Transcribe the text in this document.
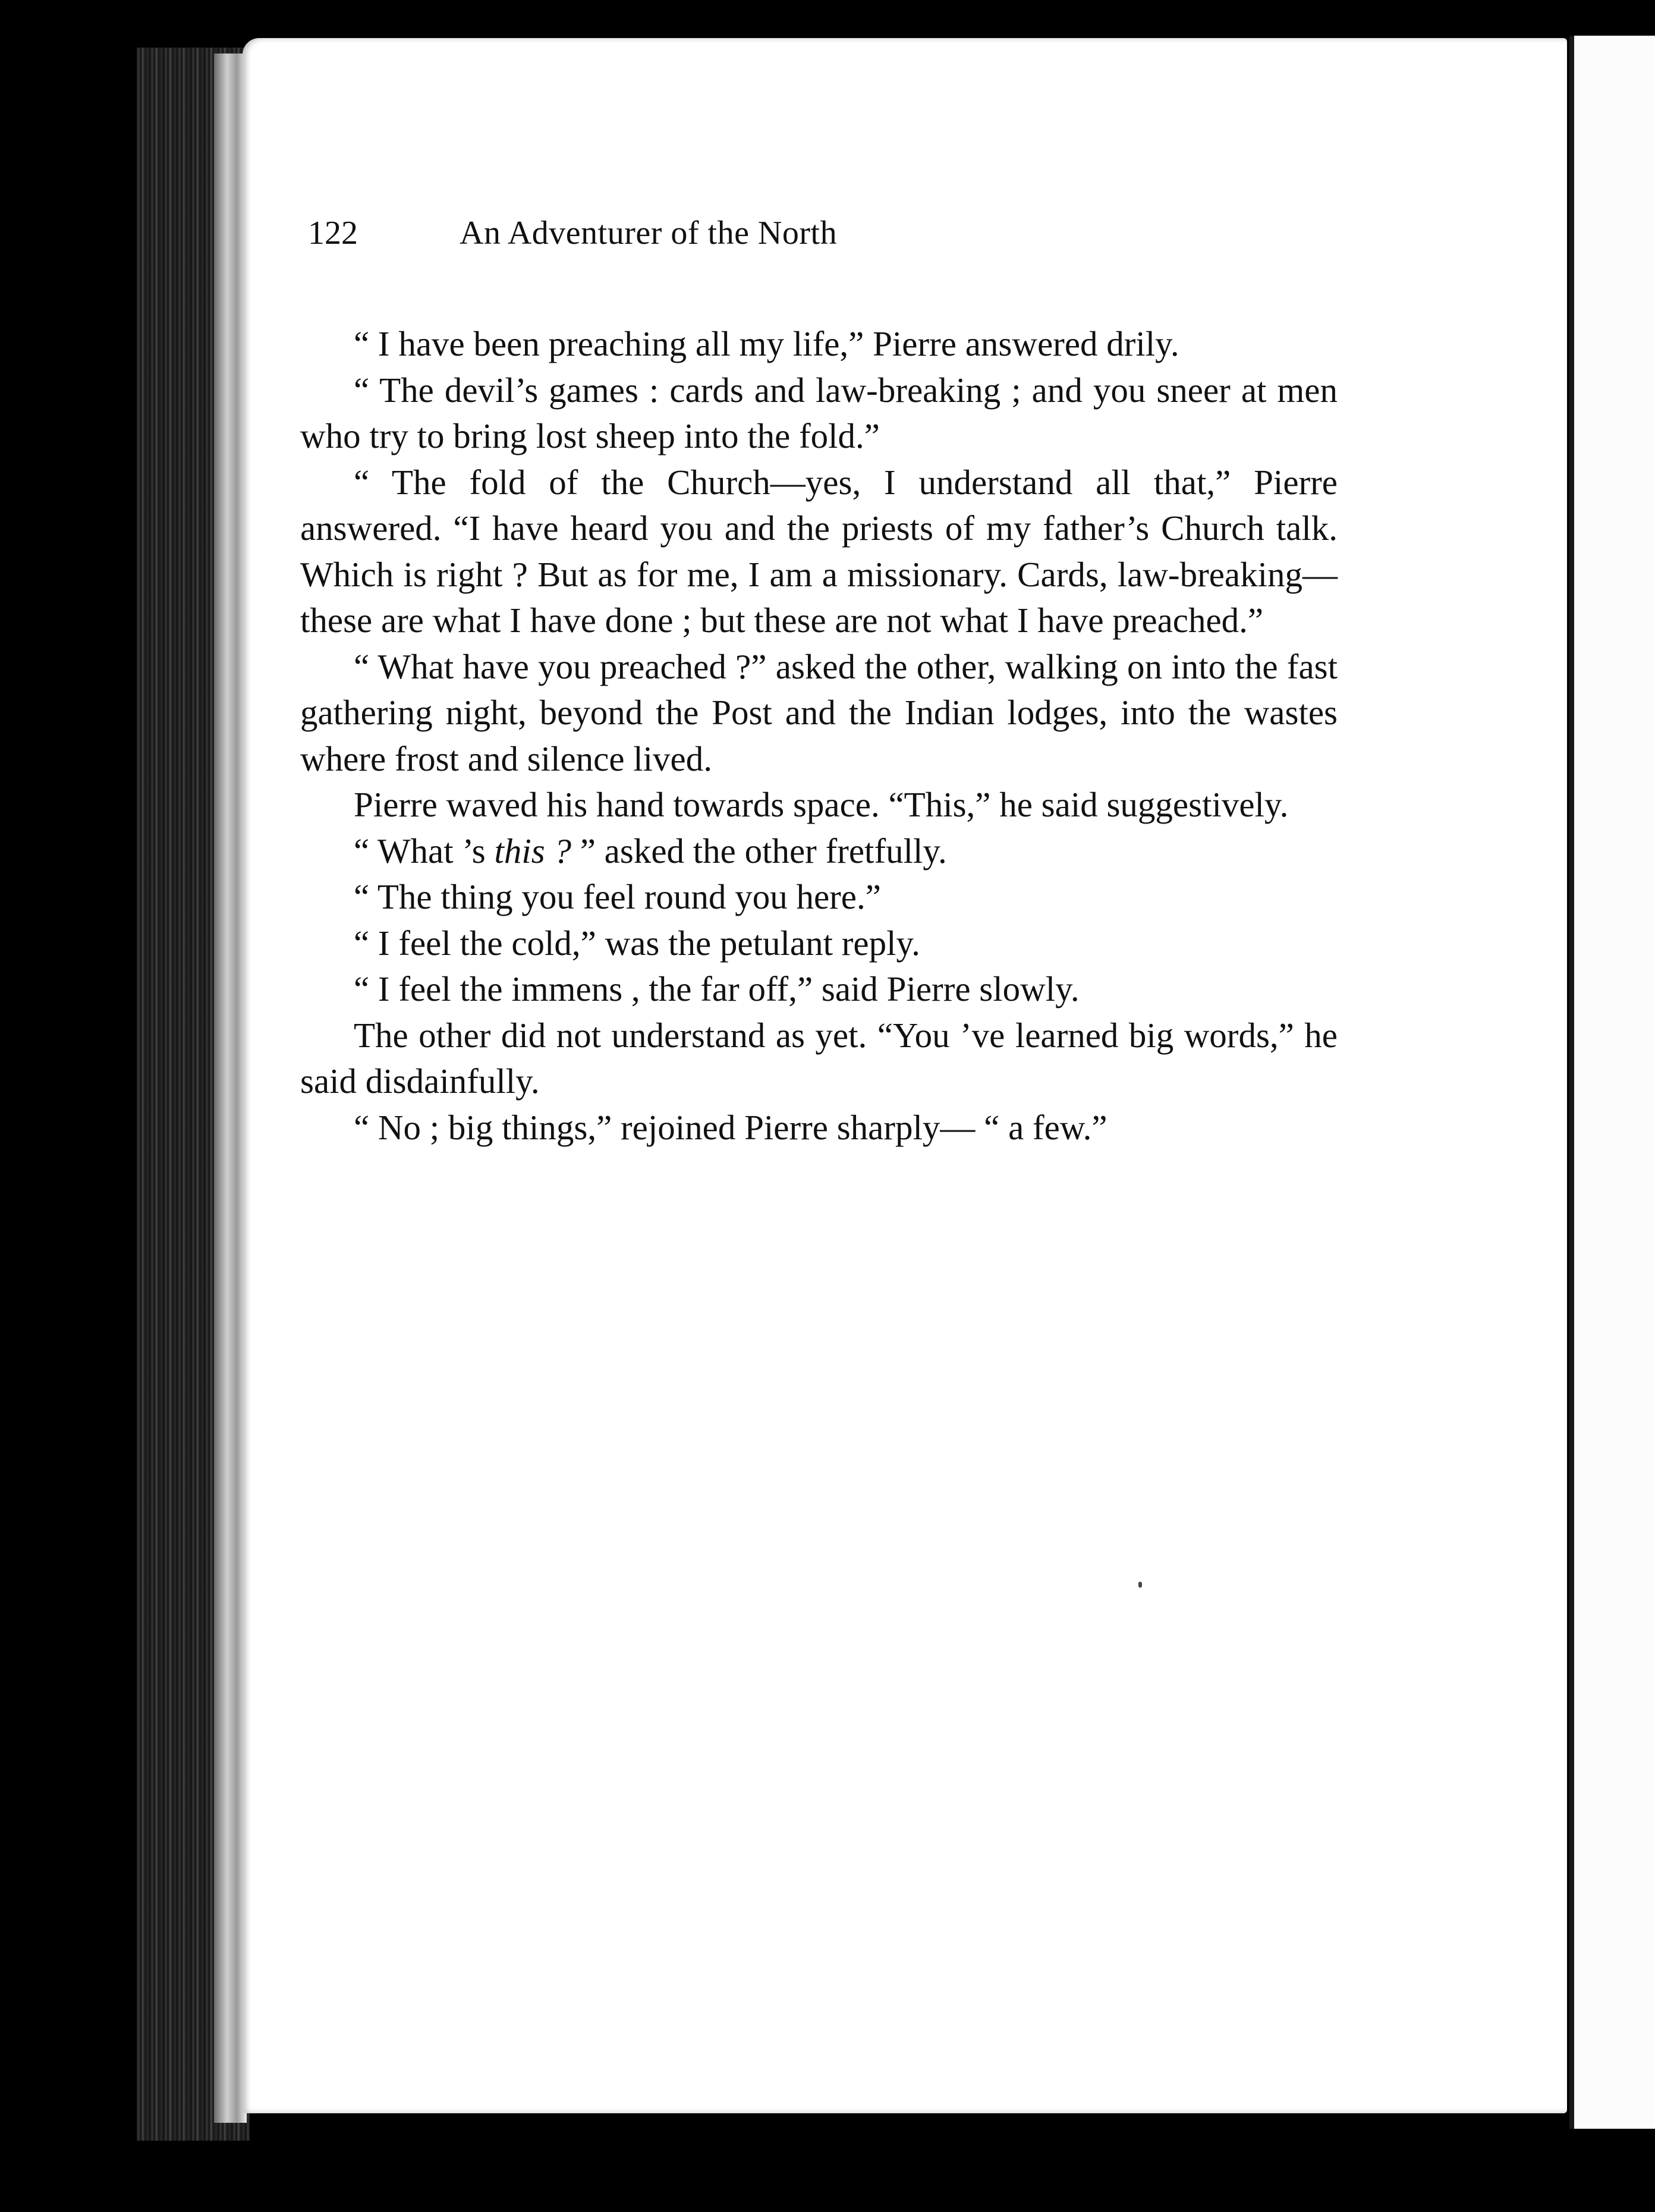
122	An Adventurer of the North

“ I have been preaching all my life,” Pierre answered drily.

“ The devil’s games : cards and law-breaking ; and you sneer at men who try to bring lost sheep into the fold.”

“ The fold of the Church—yes, I understand all that,” Pierre answered. “I have heard you and the priests of my father’s Church talk. Which is right ? But as for me, I am a missionary. Cards, law-breaking—these are what I have done ; but these are not what I have preached.”

“ What have you preached ?” asked the other, walking on into the fast gathering night, beyond the Post and the Indian lodges, into the wastes where frost and silence lived.

Pierre waved his hand towards space. “This,” he said suggestively.

“ What ’s this ? ” asked the other fretfully.

“ The thing you feel round you here.”

“ I feel the cold,” was the petulant reply.

“ I feel the immens , the far off,” said Pierre slowly.

The other did not understand as yet. “You ’ve learned big words,” he said disdainfully.

“ No ; big things,” rejoined Pierre sharply— “ a few.”
